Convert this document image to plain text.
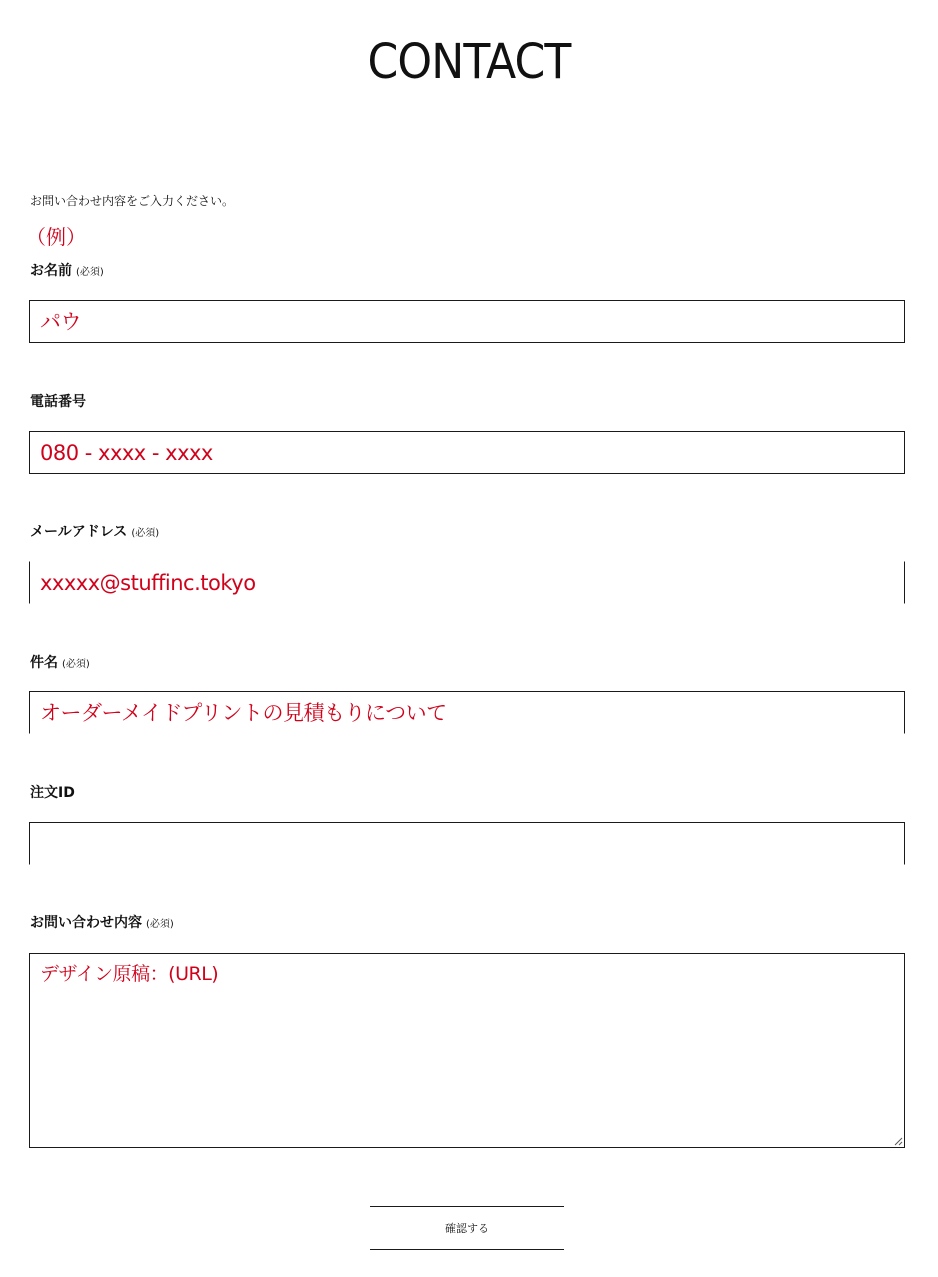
CONTACT
お問い合わせ内容をご入力ください。
（例）
お名前 (必須)
パウ
電話番号
080 - xxxx - xxxx
メールアドレス (必須)
xxxxx@stuffinc.tokyo
件名 (必須)
オーダーメイドプリントの見積もりについて
注文ID
お問い合わせ内容 (必須)
デザイン原稿：(URL)
確認する
